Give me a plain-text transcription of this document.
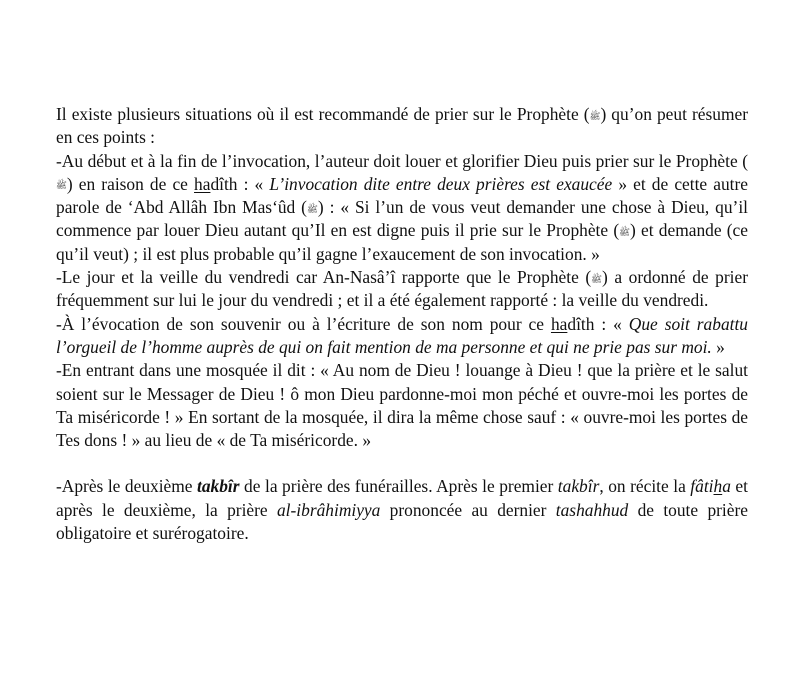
Il existe plusieurs situations où il est recommandé de prier sur le Prophète (ﷺ) qu’on peut résumer en ces points :

-Au début et à la fin de l’invocation, l’auteur doit louer et glorifier Dieu puis prier sur le Prophète (ﷺ) en raison de ce hadîth : « L’invocation dite entre deux prières est exaucée » et de cette autre parole de ‘Abd Allâh Ibn Mas‘ûd (ﷺ) : « Si l’un de vous veut demander une chose à Dieu, qu’il commence par louer Dieu autant qu’Il en est digne puis il prie sur le Prophète (ﷺ) et demande (ce qu’il veut) ; il est plus probable qu’il gagne l’exaucement de son invocation. »

-Le jour et la veille du vendredi car An-Nasâ’î rapporte que le Prophète (ﷺ) a ordonné de prier fréquemment sur lui le jour du vendredi ; et il a été également rapporté : la veille du vendredi.

-À l’évocation de son souvenir ou à l’écriture de son nom pour ce hadîth : « Que soit rabattu l’orgueil de l’homme auprès de qui on fait mention de ma personne et qui ne prie pas sur moi. »

-En entrant dans une mosquée il dit : « Au nom de Dieu ! louange à Dieu ! que la prière et le salut soient sur le Messager de Dieu ! ô mon Dieu pardonne-moi mon péché et ouvre-moi les portes de Ta miséricorde ! » En sortant de la mosquée, il dira la même chose sauf : « ouvre-moi les portes de Tes dons ! » au lieu de « de Ta miséricorde. »

-Après le deuxième takbîr de la prière des funérailles. Après le premier takbîr, on récite la fâtiha et après le deuxième, la prière al-ibrâhimiyya prononcée au dernier tashahhud de toute prière obligatoire et surérogatoire.
